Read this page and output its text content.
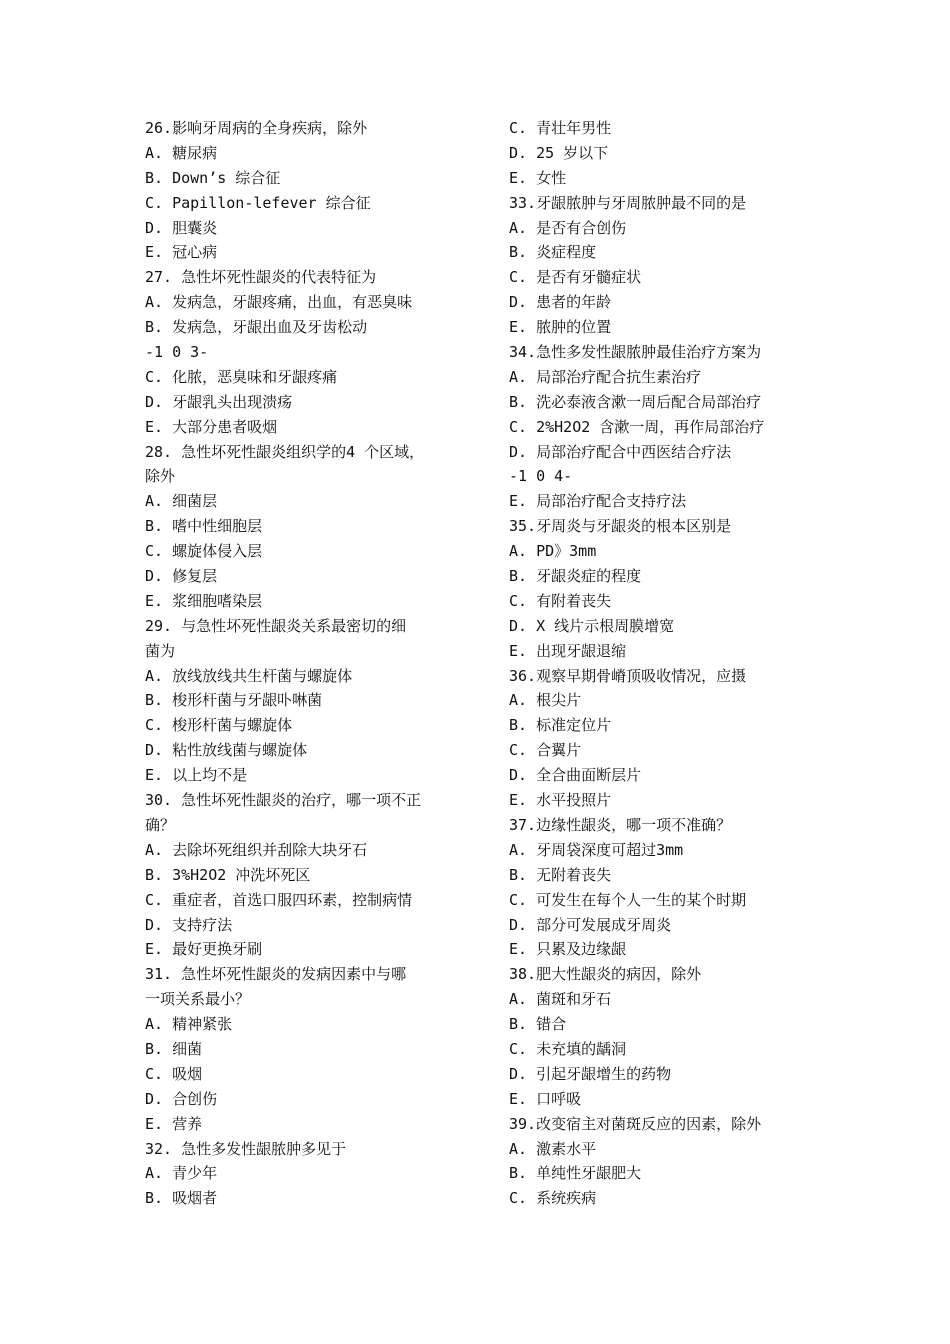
26.影响牙周病的全身疾病，除外
A. 糖尿病
B. Down’s 综合征
C. Papillon-lefever 综合征
D. 胆囊炎
E. 冠心病
27. 急性坏死性龈炎的代表特征为
A. 发病急，牙龈疼痛，出血，有恶臭味
B. 发病急，牙龈出血及牙齿松动
-1 0 3-
C. 化脓，恶臭味和牙龈疼痛
D. 牙龈乳头出现溃疡
E. 大部分患者吸烟
28. 急性坏死性龈炎组织学的4 个区域，
除外
A. 细菌层
B. 嗜中性细胞层
C. 螺旋体侵入层
D. 修复层
E. 浆细胞嗜染层
29. 与急性坏死性龈炎关系最密切的细
菌为
A. 放线放线共生杆菌与螺旋体
B. 梭形杆菌与牙龈卟啉菌
C. 梭形杆菌与螺旋体
D. 粘性放线菌与螺旋体
E. 以上均不是
30. 急性坏死性龈炎的治疗，哪一项不正
确？
A. 去除坏死组织并刮除大块牙石
B. 3%H2O2 冲洗坏死区
C. 重症者，首选口服四环素，控制病情
D. 支持疗法
E. 最好更换牙刷
31. 急性坏死性龈炎的发病因素中与哪
一项关系最小？
A. 精神紧张
B. 细菌
C. 吸烟
D. 合创伤
E. 营养
32. 急性多发性龈脓肿多见于
A. 青少年
B. 吸烟者
C. 青壮年男性
D. 25 岁以下
E. 女性
33.牙龈脓肿与牙周脓肿最不同的是
A. 是否有合创伤
B. 炎症程度
C. 是否有牙髓症状
D. 患者的年龄
E. 脓肿的位置
34.急性多发性龈脓肿最佳治疗方案为
A. 局部治疗配合抗生素治疗
B. 洗必泰液含漱一周后配合局部治疗
C. 2%H2O2 含漱一周，再作局部治疗
D. 局部治疗配合中西医结合疗法
-1 0 4-
E. 局部治疗配合支持疗法
35.牙周炎与牙龈炎的根本区别是
A. PD》3mm
B. 牙龈炎症的程度
C. 有附着丧失
D. X 线片示根周膜增宽
E. 出现牙龈退缩
36.观察早期骨嵴顶吸收情况，应摄
A. 根尖片
B. 标准定位片
C. 合翼片
D. 全合曲面断层片
E. 水平投照片
37.边缘性龈炎，哪一项不准确？
A. 牙周袋深度可超过3mm
B. 无附着丧失
C. 可发生在每个人一生的某个时期
D. 部分可发展成牙周炎
E. 只累及边缘龈
38.肥大性龈炎的病因，除外
A. 菌斑和牙石
B. 错合
C. 未充填的龋洞
D. 引起牙龈增生的药物
E. 口呼吸
39.改变宿主对菌斑反应的因素，除外
A. 激素水平
B. 单纯性牙龈肥大
C. 系统疾病
